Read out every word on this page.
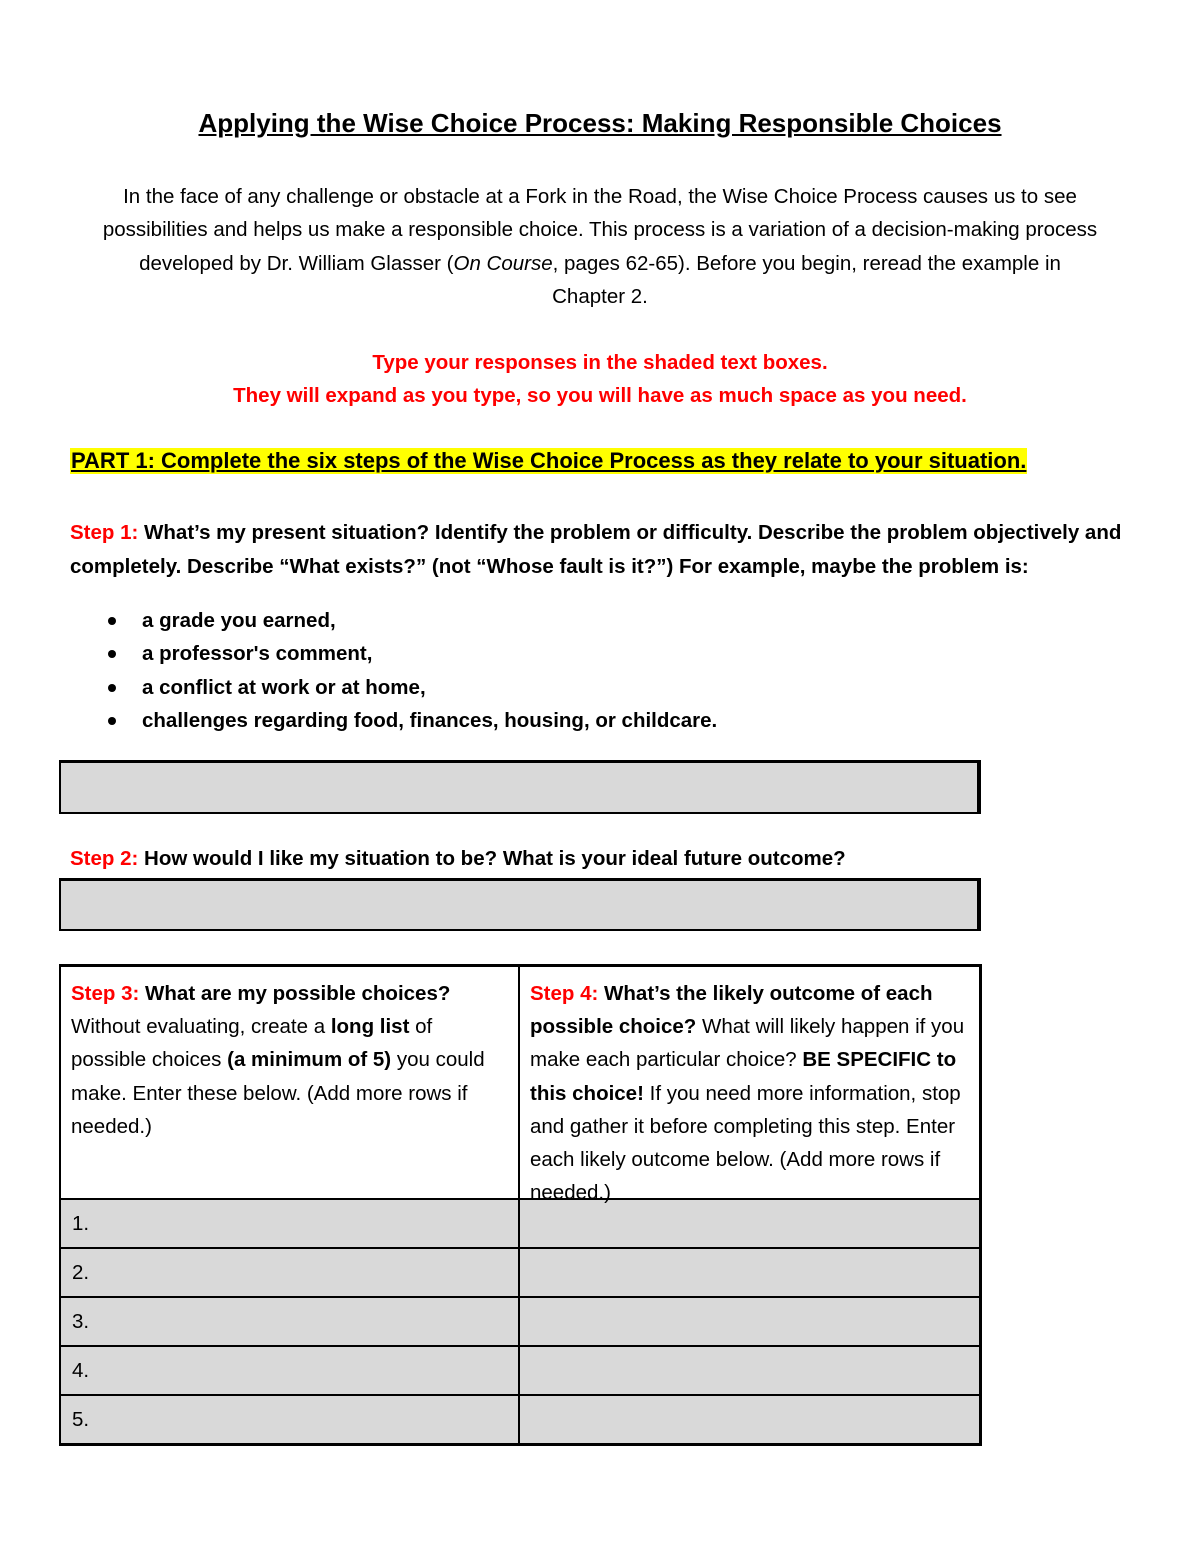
Applying the Wise Choice Process: Making Responsible Choices
In the face of any challenge or obstacle at a Fork in the Road, the Wise Choice Process causes us to see possibilities and helps us make a responsible choice. This process is a variation of a decision-making process developed by Dr. William Glasser (On Course, pages 62-65). Before you begin, reread the example in Chapter 2.
Type your responses in the shaded text boxes.
They will expand as you type, so you will have as much space as you need.
PART 1: Complete the six steps of the Wise Choice Process as they relate to your situation.
Step 1: What’s my present situation? Identify the problem or difficulty. Describe the problem objectively and completely. Describe “What exists?” (not “Whose fault is it?”) For example, maybe the problem is:
a grade you earned,
a professor's comment,
a conflict at work or at home,
challenges regarding food, finances, housing, or childcare.
Step 2: How would I like my situation to be? What is your ideal future outcome?
Step 3: What are my possible choices? Without evaluating, create a long list of possible choices (a minimum of 5) you could make. Enter these below. (Add more rows if needed.)	Step 4: What’s the likely outcome of each possible choice? What will likely happen if you make each particular choice? BE SPECIFIC to this choice! If you need more information, stop and gather it before completing this step. Enter each likely outcome below. (Add more rows if needed.)

1.	
2.	
3.	
4.	
5.	
